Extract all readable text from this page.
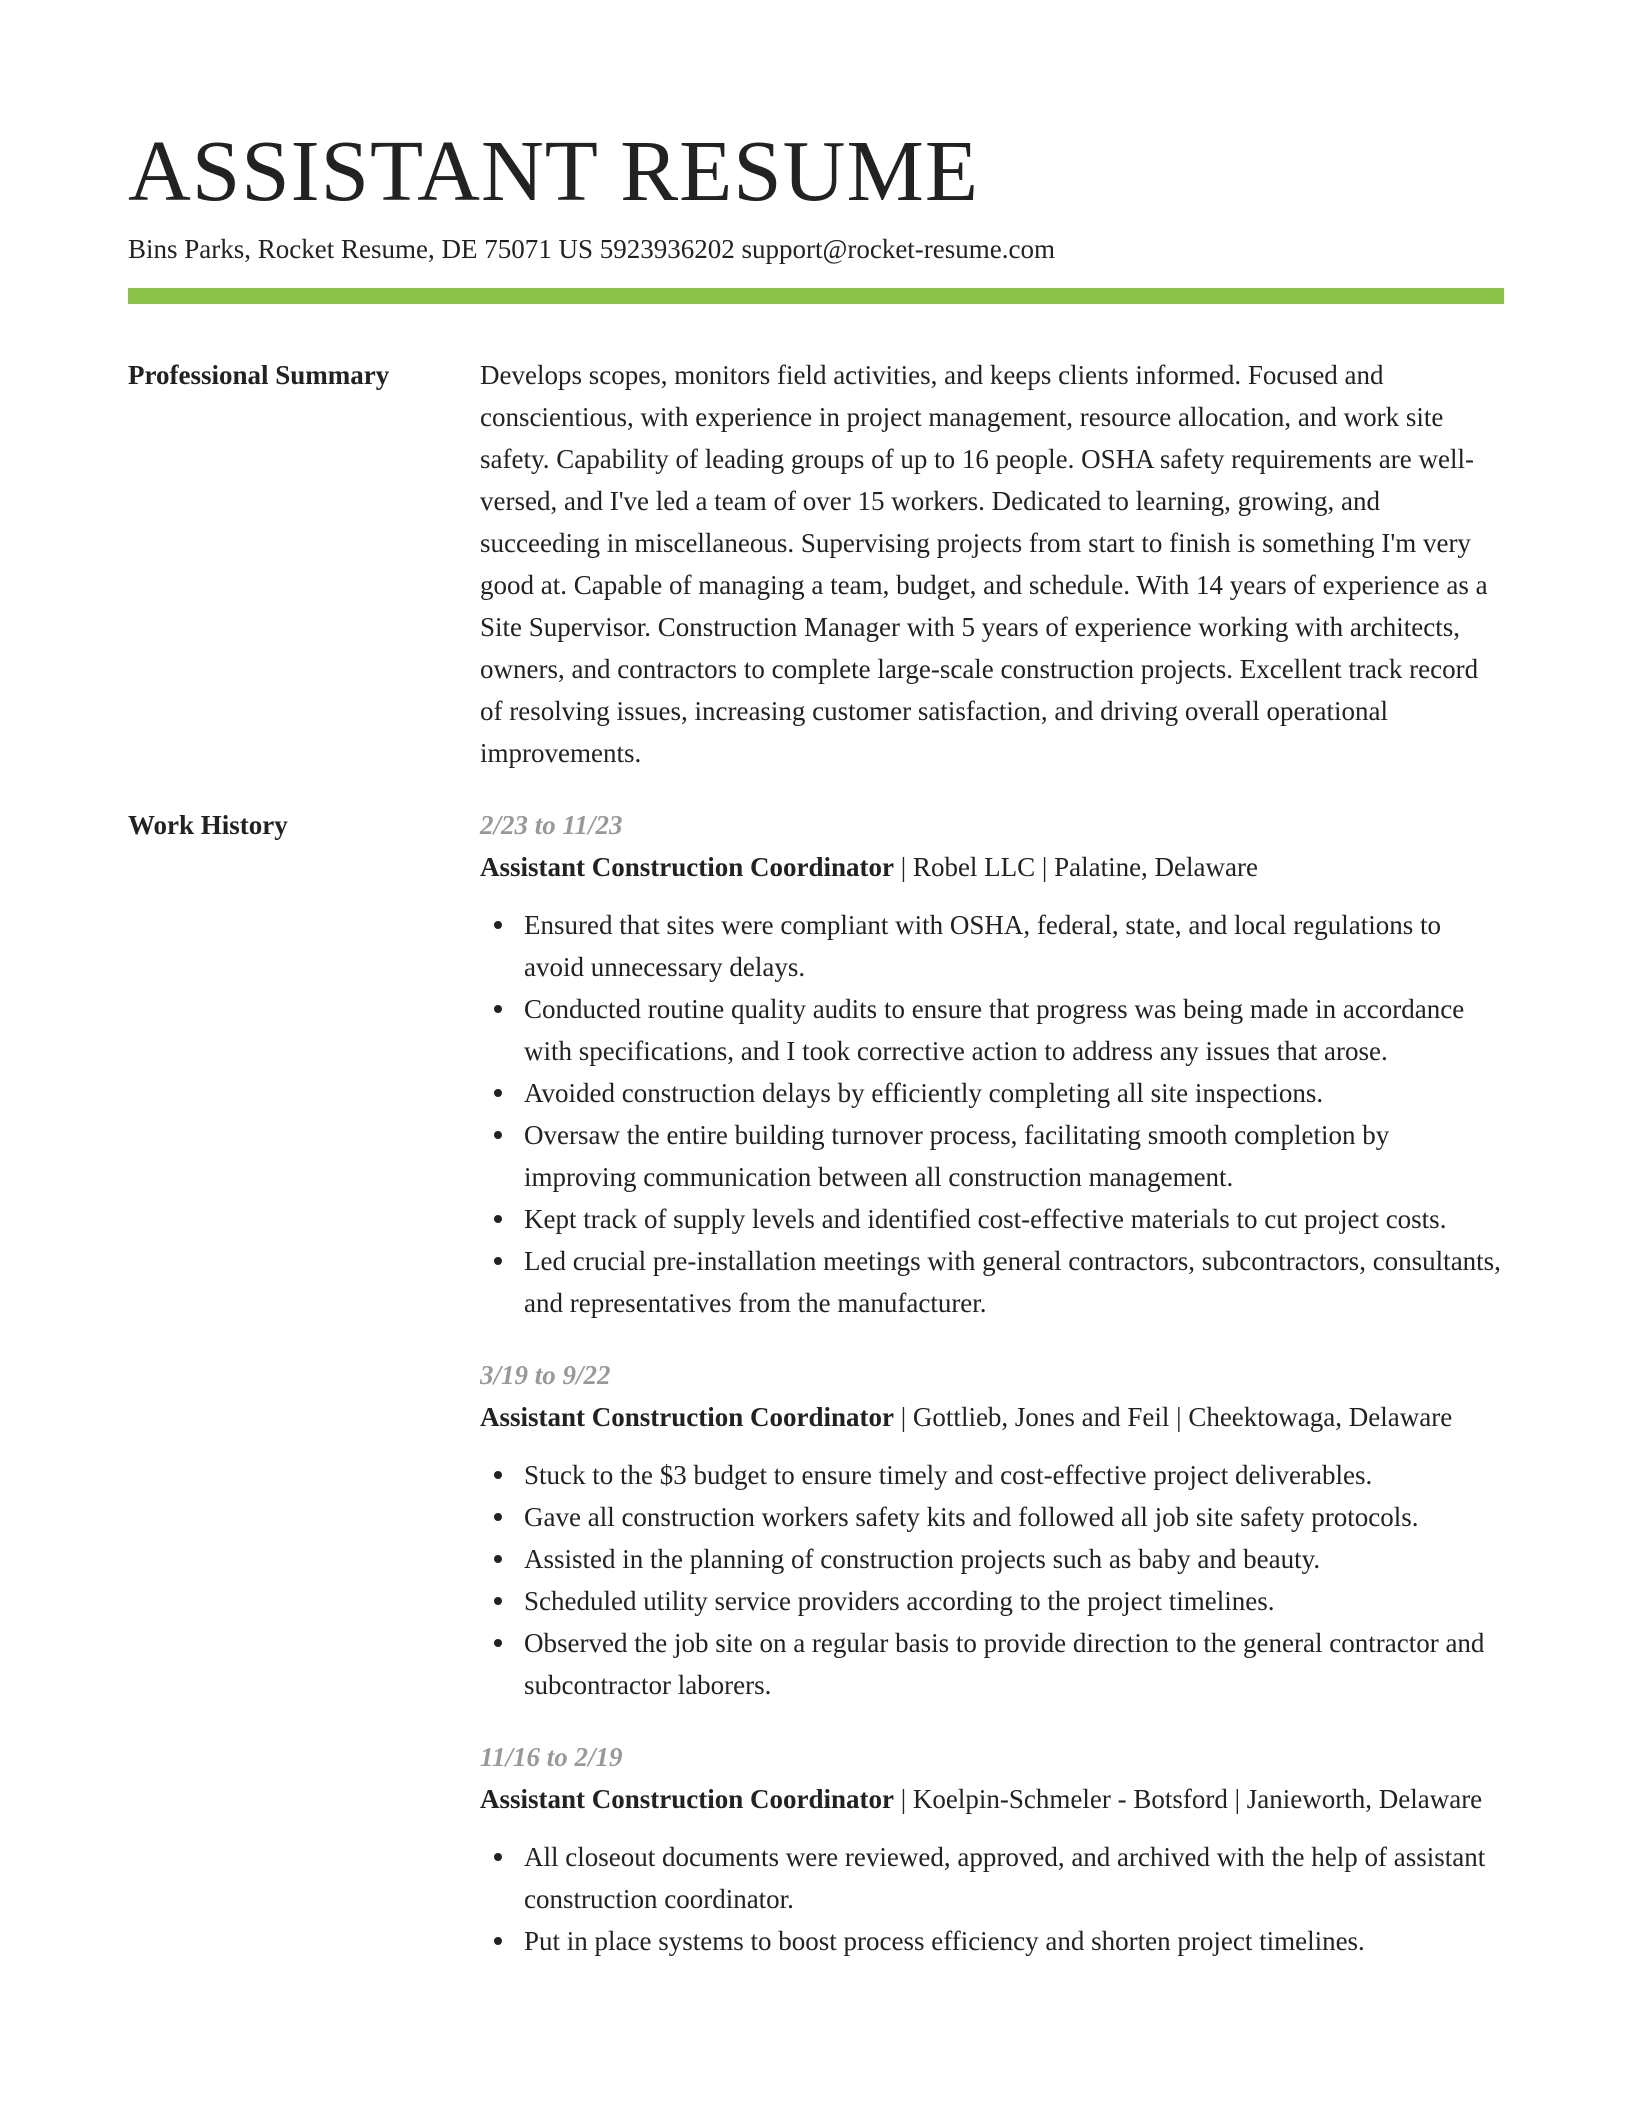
ASSISTANT RESUME
Bins Parks, Rocket Resume, DE 75071 US 5923936202 support@rocket-resume.com
Professional Summary	Develops scopes, monitors field activities, and keeps clients informed. Focused and conscientious, with experience in project management, resource allocation, and work site safety. Capability of leading groups of up to 16 people. OSHA safety requirements are well-versed, and I've led a team of over 15 workers. Dedicated to learning, growing, and succeeding in miscellaneous. Supervising projects from start to finish is something I'm very good at. Capable of managing a team, budget, and schedule. With 14 years of experience as a Site Supervisor. Construction Manager with 5 years of experience working with architects, owners, and contractors to complete large-scale construction projects. Excellent track record of resolving issues, increasing customer satisfaction, and driving overall operational improvements.

Work History	2/23 to 11/23

Assistant Construction Coordinator | Robel LLC | Palatine, Delaware

Ensured that sites were compliant with OSHA, federal, state, and local regulations to avoid unnecessary delays.
Conducted routine quality audits to ensure that progress was being made in accordance with specifications, and I took corrective action to address any issues that arose.
Avoided construction delays by efficiently completing all site inspections.
Oversaw the entire building turnover process, facilitating smooth completion by improving communication between all construction management.
Kept track of supply levels and identified cost-effective materials to cut project costs.
Led crucial pre-installation meetings with general contractors, subcontractors, consultants, and representatives from the manufacturer.
3/19 to 9/22

Assistant Construction Coordinator | Gottlieb, Jones and Feil | Cheektowaga, Delaware

Stuck to the $3 budget to ensure timely and cost-effective project deliverables.
Gave all construction workers safety kits and followed all job site safety protocols.
Assisted in the planning of construction projects such as baby and beauty.
Scheduled utility service providers according to the project timelines.
Observed the job site on a regular basis to provide direction to the general contractor and subcontractor laborers.
11/16 to 2/19

Assistant Construction Coordinator | Koelpin-Schmeler - Botsford | Janieworth, Delaware

All closeout documents were reviewed, approved, and archived with the help of assistant construction coordinator.
Put in place systems to boost process efficiency and shorten project timelines.
